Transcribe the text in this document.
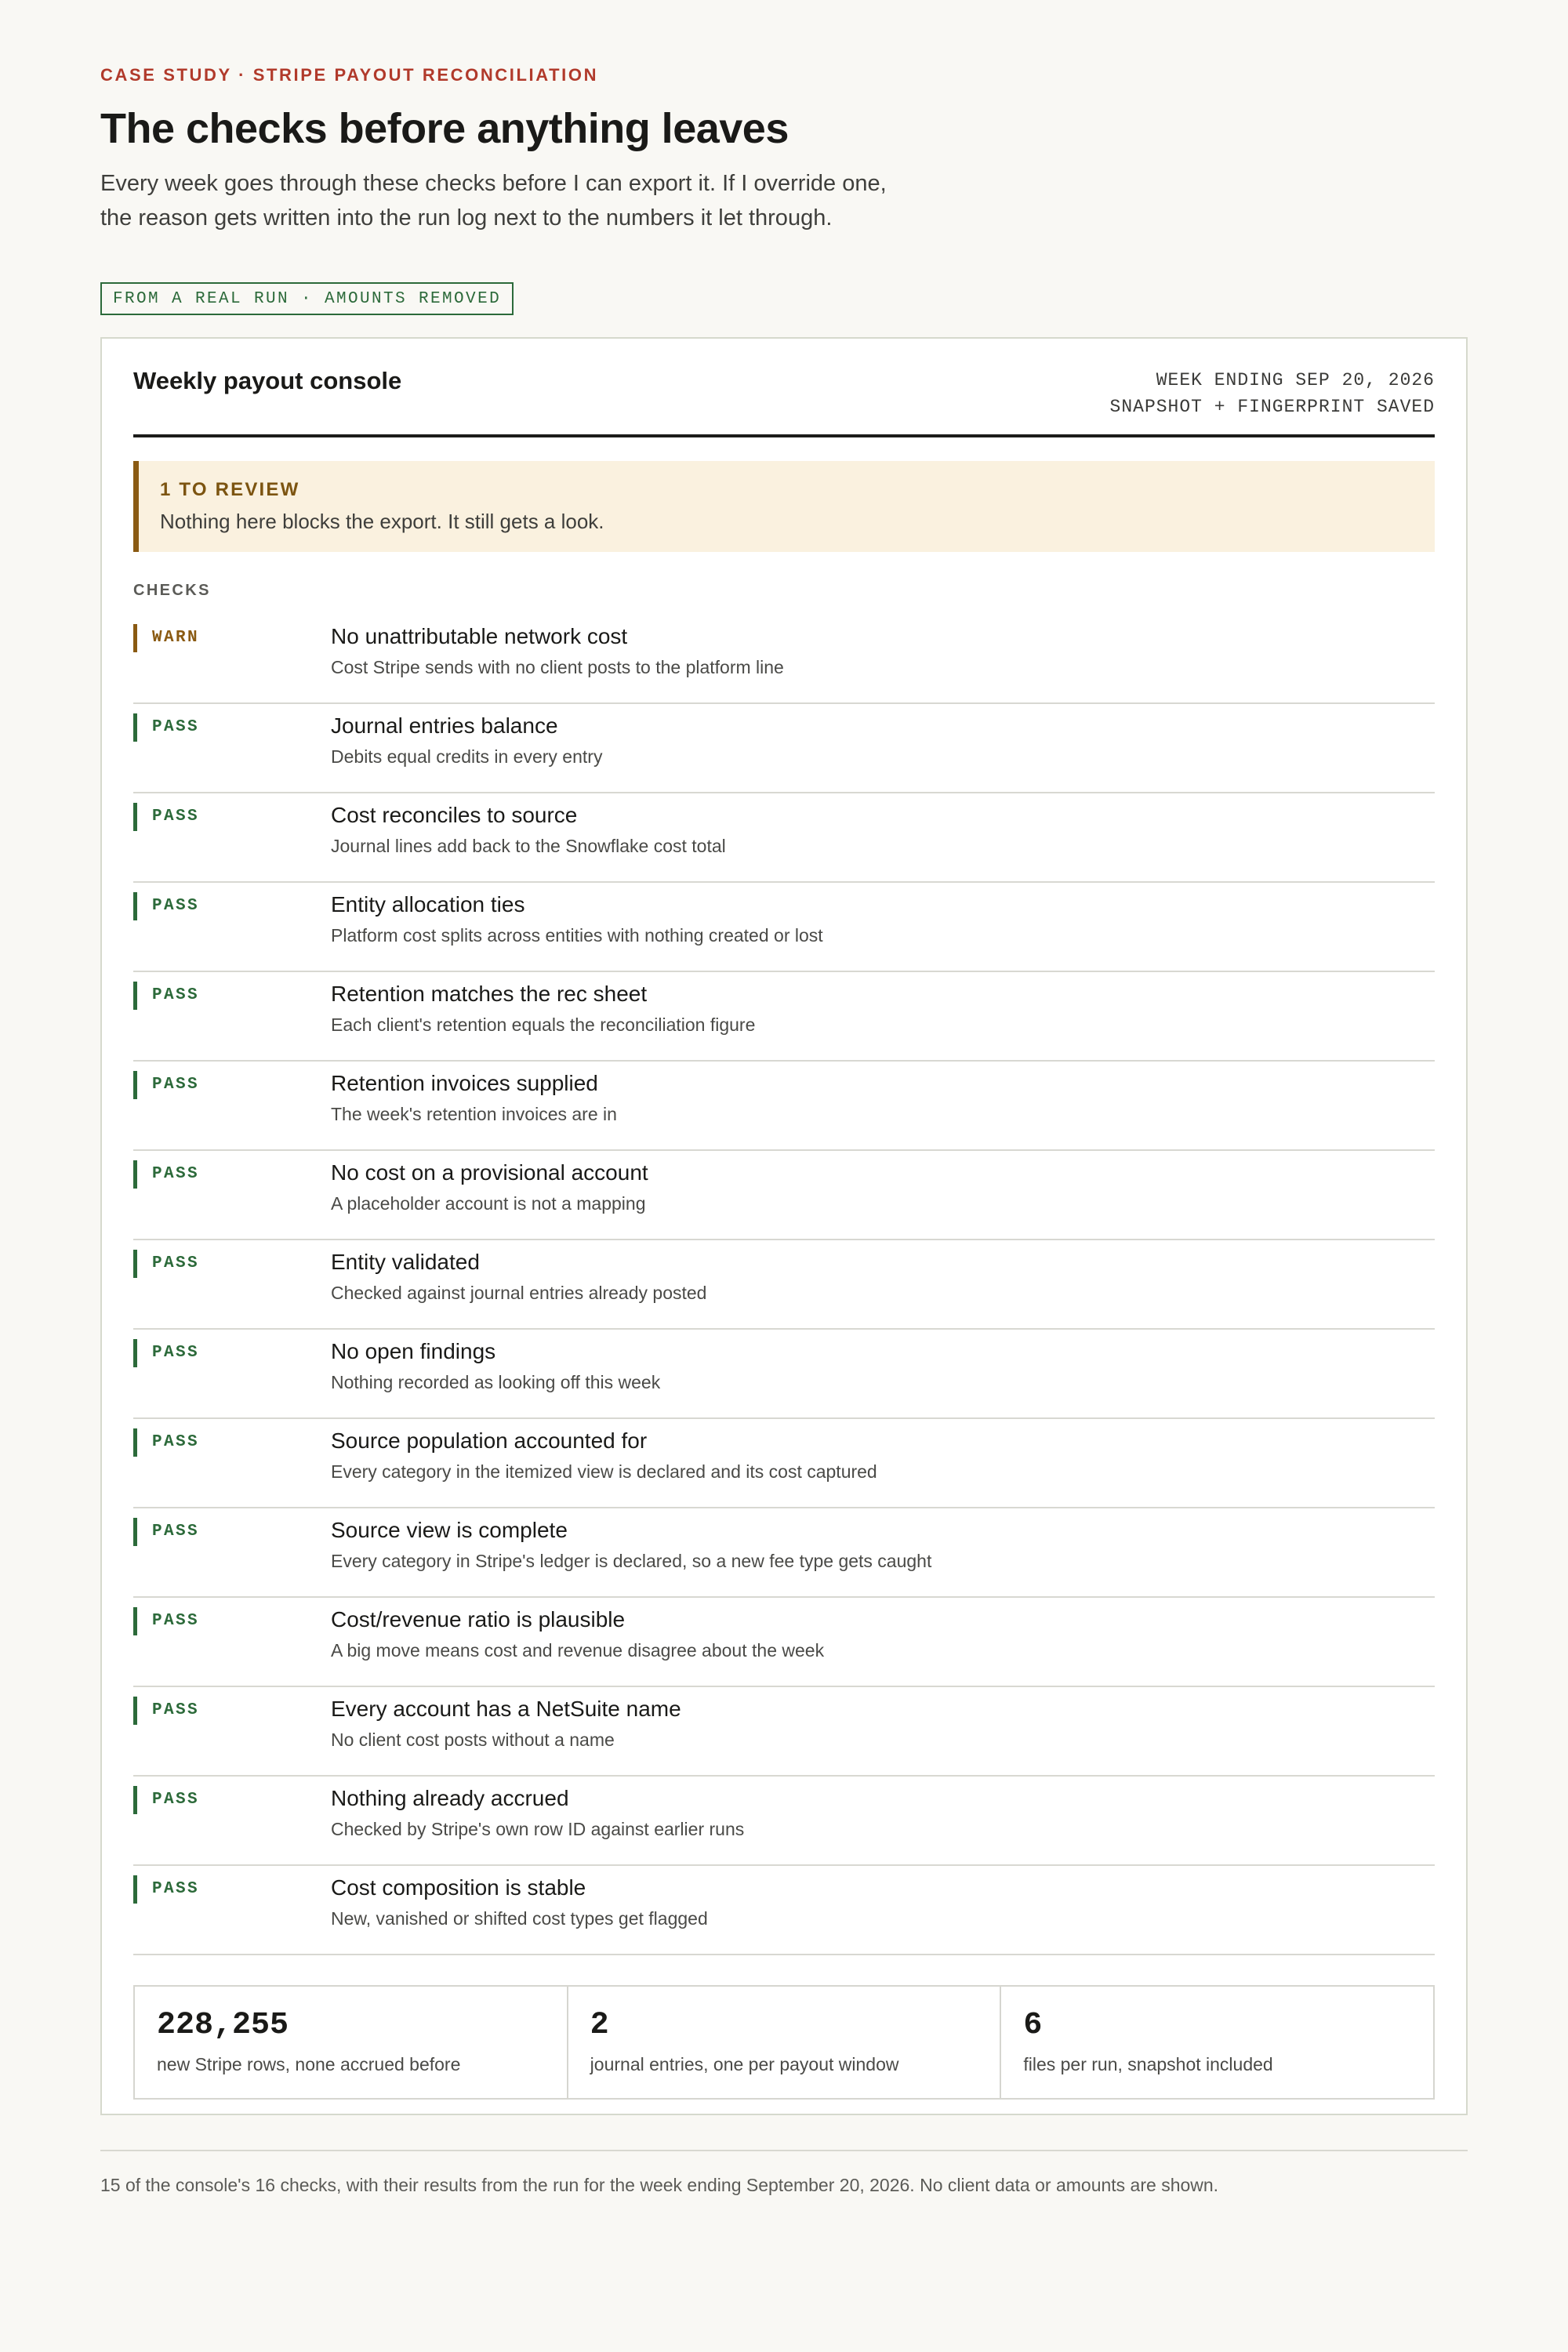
CASE STUDY · STRIPE PAYOUT RECONCILIATION
The checks before anything leaves

Every week goes through these checks before I can export it. If I override one, the reason gets written into the run log next to the numbers it let through.

FROM A REAL RUN · AMOUNTS REMOVED
Weekly payout console	WEEK ENDING SEP 20, 2026
SNAPSHOT + FINGERPRINT SAVED
1 TO REVIEW
Nothing here blocks the export. It still gets a look.
CHECKS
WARN	No unattributable network cost
Cost Stripe sends with no client posts to the platform line
PASS	Journal entries balance
Debits equal credits in every entry
PASS	Cost reconciles to source
Journal lines add back to the Snowflake cost total
PASS	Entity allocation ties
Platform cost splits across entities with nothing created or lost
PASS	Retention matches the rec sheet
Each client's retention equals the reconciliation figure
PASS	Retention invoices supplied
The week's retention invoices are in
PASS	No cost on a provisional account
A placeholder account is not a mapping
PASS	Entity validated
Checked against journal entries already posted
PASS	No open findings
Nothing recorded as looking off this week
PASS	Source population accounted for
Every category in the itemized view is declared and its cost captured
PASS	Source view is complete
Every category in Stripe's ledger is declared, so a new fee type gets caught
PASS	Cost/revenue ratio is plausible
A big move means cost and revenue disagree about the week
PASS	Every account has a NetSuite name
No client cost posts without a name
PASS	Nothing already accrued
Checked by Stripe's own row ID against earlier runs
PASS	Cost composition is stable
New, vanished or shifted cost types get flagged
228,255
new Stripe rows, none accrued before
2
journal entries, one per payout window
6
files per run, snapshot included

15 of the console's 16 checks, with their results from the run for the week ending September 20, 2026. No client data or amounts are shown.
